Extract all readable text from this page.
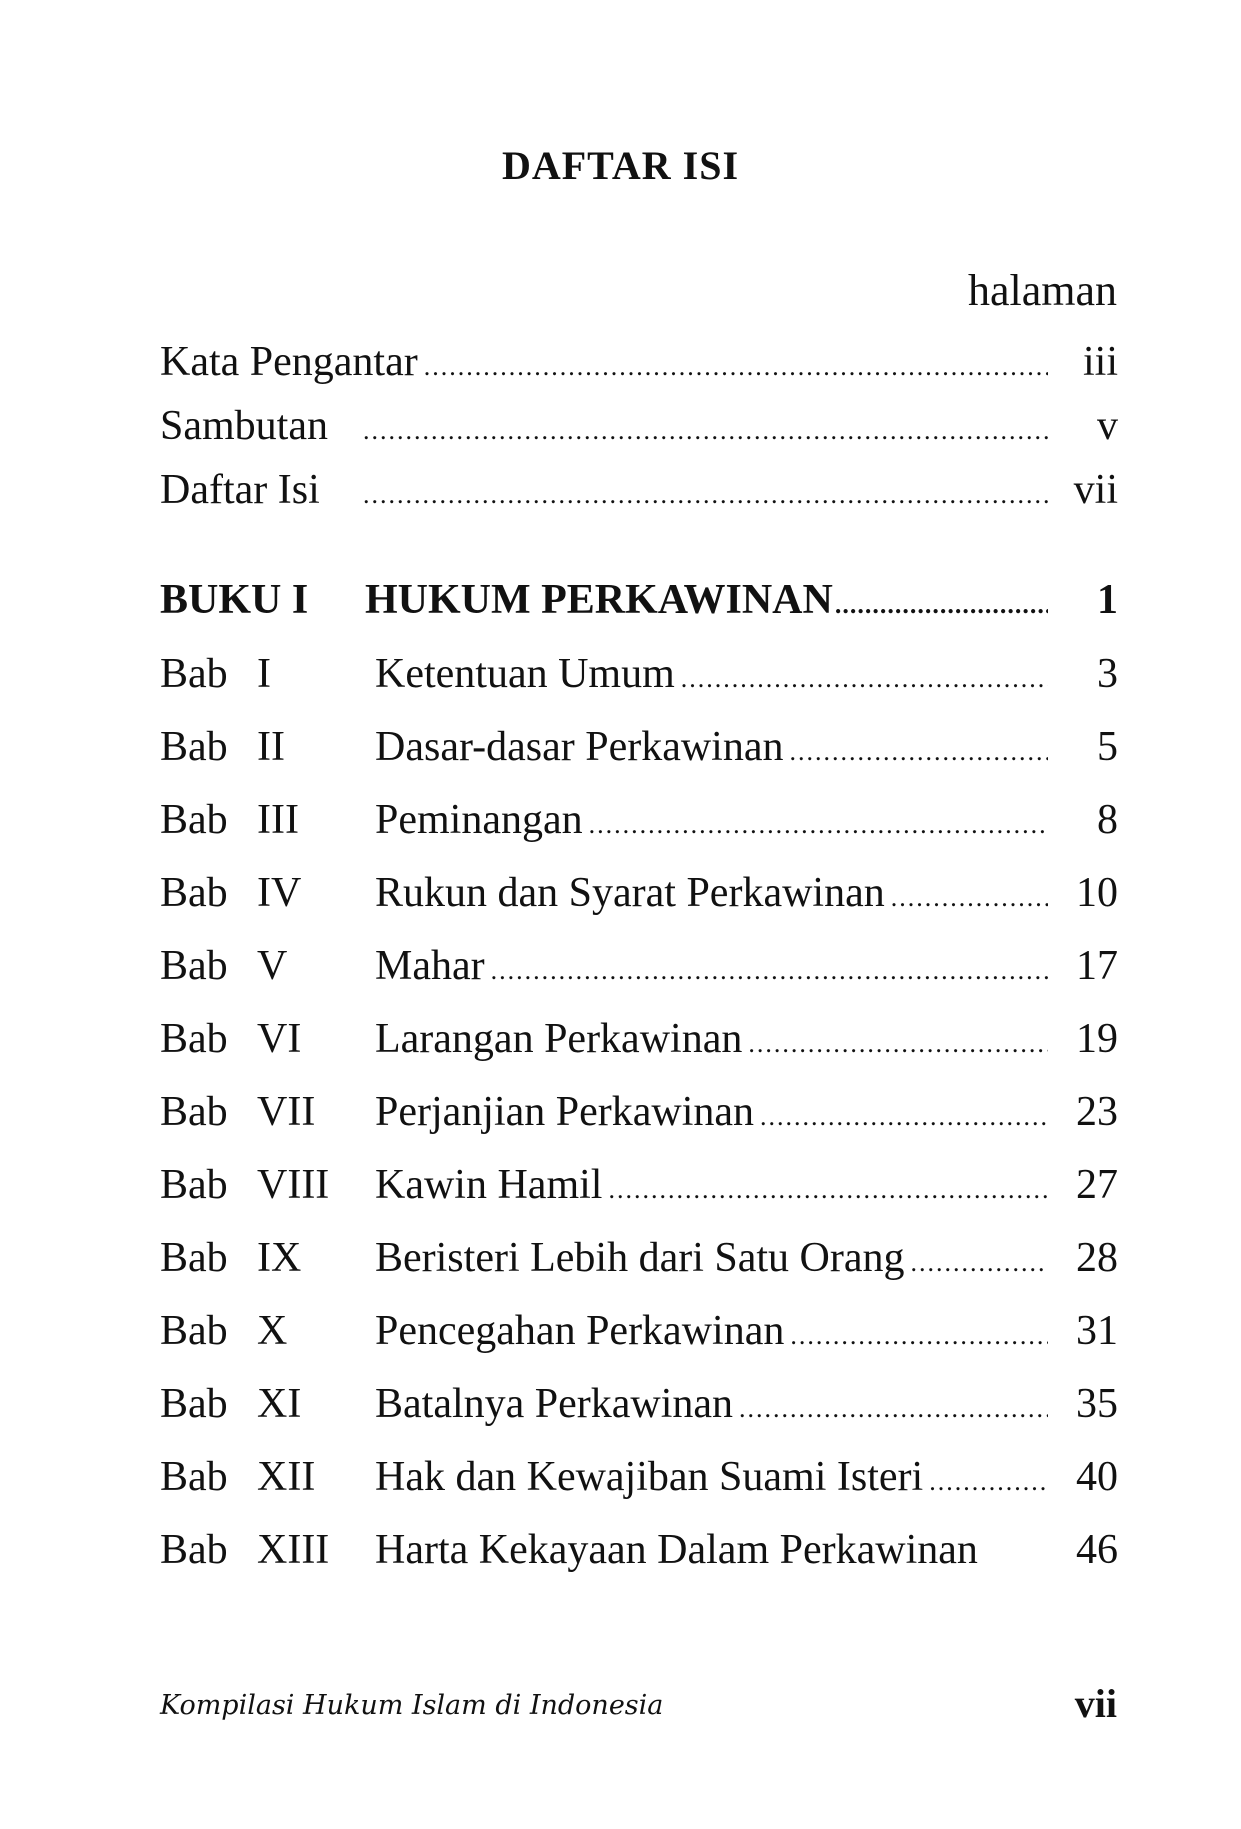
DAFTAR ISI
halaman
Kata Pengantar .....	iii
Sambutan .....	v
Daftar Isi .....	vii
BUKU I	HUKUM PERKAWINAN .....	1
Bab I	Ketentuan Umum .....	3
Bab II	Dasar-dasar Perkawinan .....	5
Bab III	Peminangan .....	8
Bab IV	Rukun dan Syarat Perkawinan .....	10
Bab V	Mahar .....	17
Bab VI	Larangan Perkawinan .....	19
Bab VII	Perjanjian Perkawinan .....	23
Bab VIII	Kawin Hamil .....	27
Bab IX	Beristeri Lebih dari Satu Orang .....	28
Bab X	Pencegahan Perkawinan .....	31
Bab XI	Batalnya Perkawinan .....	35
Bab XII	Hak dan Kewajiban Suami Isteri .....	40
Bab XIII	Harta Kekayaan Dalam Perkawinan	46
Kompilasi Hukum Islam di Indonesia	vii
